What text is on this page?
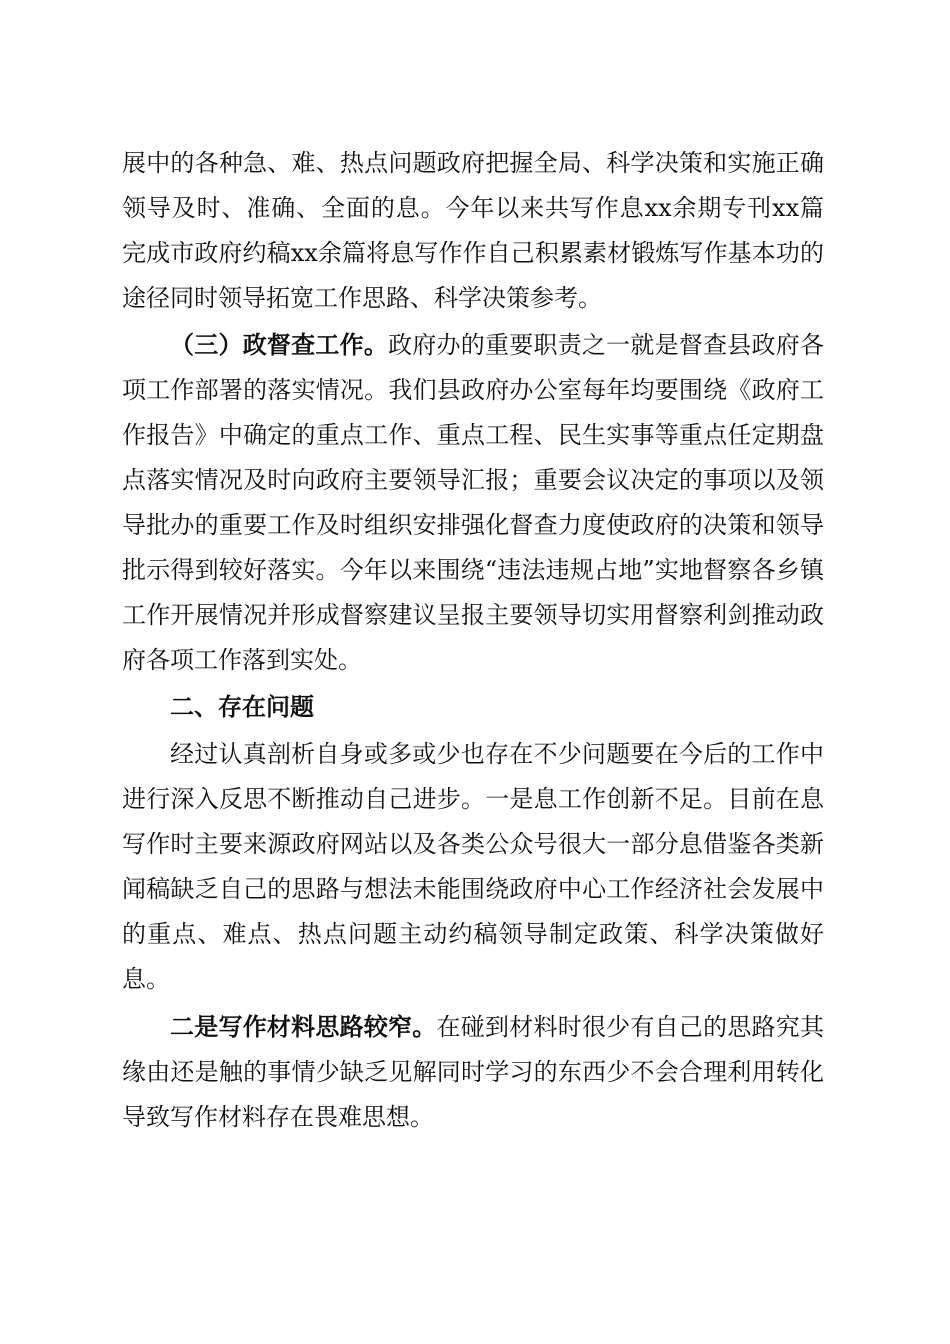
展中的各种急、难、热点问题政府把握全局、科学决策和实施正确领导及时、准确、全面的息。今年以来共写作息xx余期专刊xx篇完成市政府约稿xx余篇将息写作作自己积累素材锻炼写作基本功的途径同时领导拓宽工作思路、科学决策参考。

（三）政督查工作。政府办的重要职责之一就是督查县政府各项工作部署的落实情况。我们县政府办公室每年均要围绕《政府工作报告》中确定的重点工作、重点工程、民生实事等重点任定期盘点落实情况及时向政府主要领导汇报；重要会议决定的事项以及领导批办的重要工作及时组织安排强化督查力度使政府的决策和领导批示得到较好落实。今年以来围绕“违法违规占地”实地督察各乡镇工作开展情况并形成督察建议呈报主要领导切实用督察利剑推动政府各项工作落到实处。

二、存在问题

经过认真剖析自身或多或少也存在不少问题要在今后的工作中进行深入反思不断推动自己进步。一是息工作创新不足。目前在息写作时主要来源政府网站以及各类公众号很大一部分息借鉴各类新闻稿缺乏自己的思路与想法未能围绕政府中心工作经济社会发展中的重点、难点、热点问题主动约稿领导制定政策、科学决策做好息。

二是写作材料思路较窄。在碰到材料时很少有自己的思路究其缘由还是触的事情少缺乏见解同时学习的东西少不会合理利用转化导致写作材料存在畏难思想。
